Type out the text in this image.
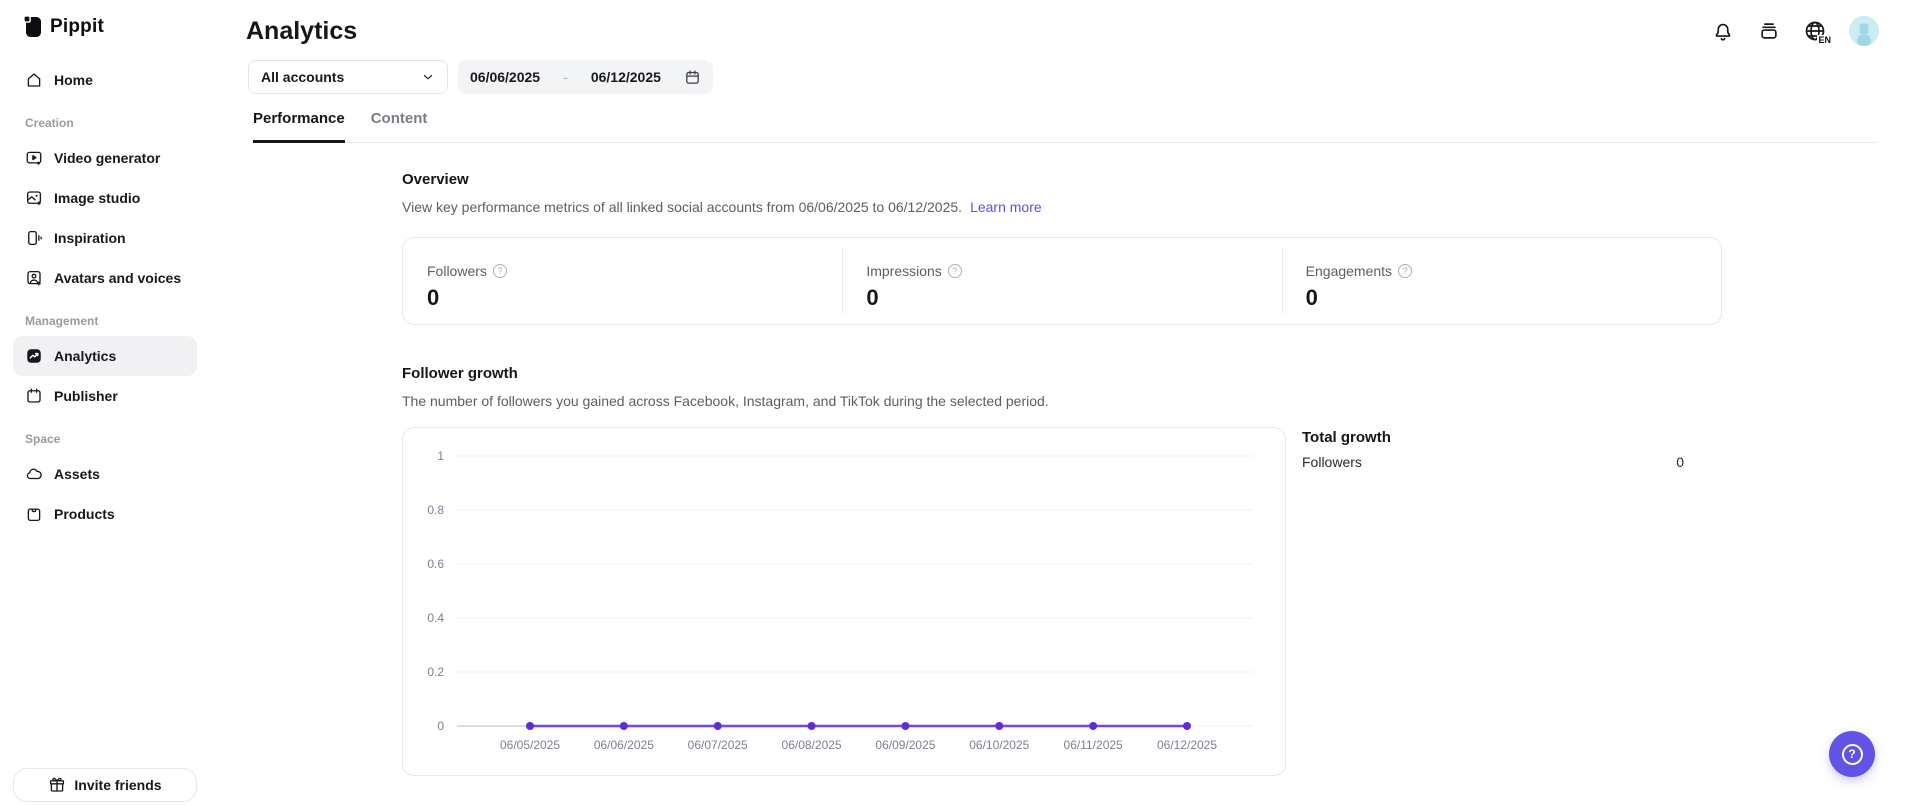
Pippit
Home
Creation
Video generator
Image studio
Inspiration
Avatars and voices
Management
Analytics
Publisher
Space
Assets
Products
Invite friends
Analytics	EN
All accounts	06/06/2025 - 06/12/2025
Performance Content
Overview
View key performance metrics of all linked social accounts from 06/06/2025 to 06/12/2025. Learn more
Followers	?
0
Impressions	?
0
Engagements	?
0
Follower growth
The number of followers you gained across Facebook, Instagram, and TikTok during the selected period.
0
0.2
0.4
0.6
0.8
1
06/05/2025	06/06/2025	06/07/2025	06/08/2025	06/09/2025	06/10/2025	06/11/2025	06/12/2025
Total growth
Followers	0
?
